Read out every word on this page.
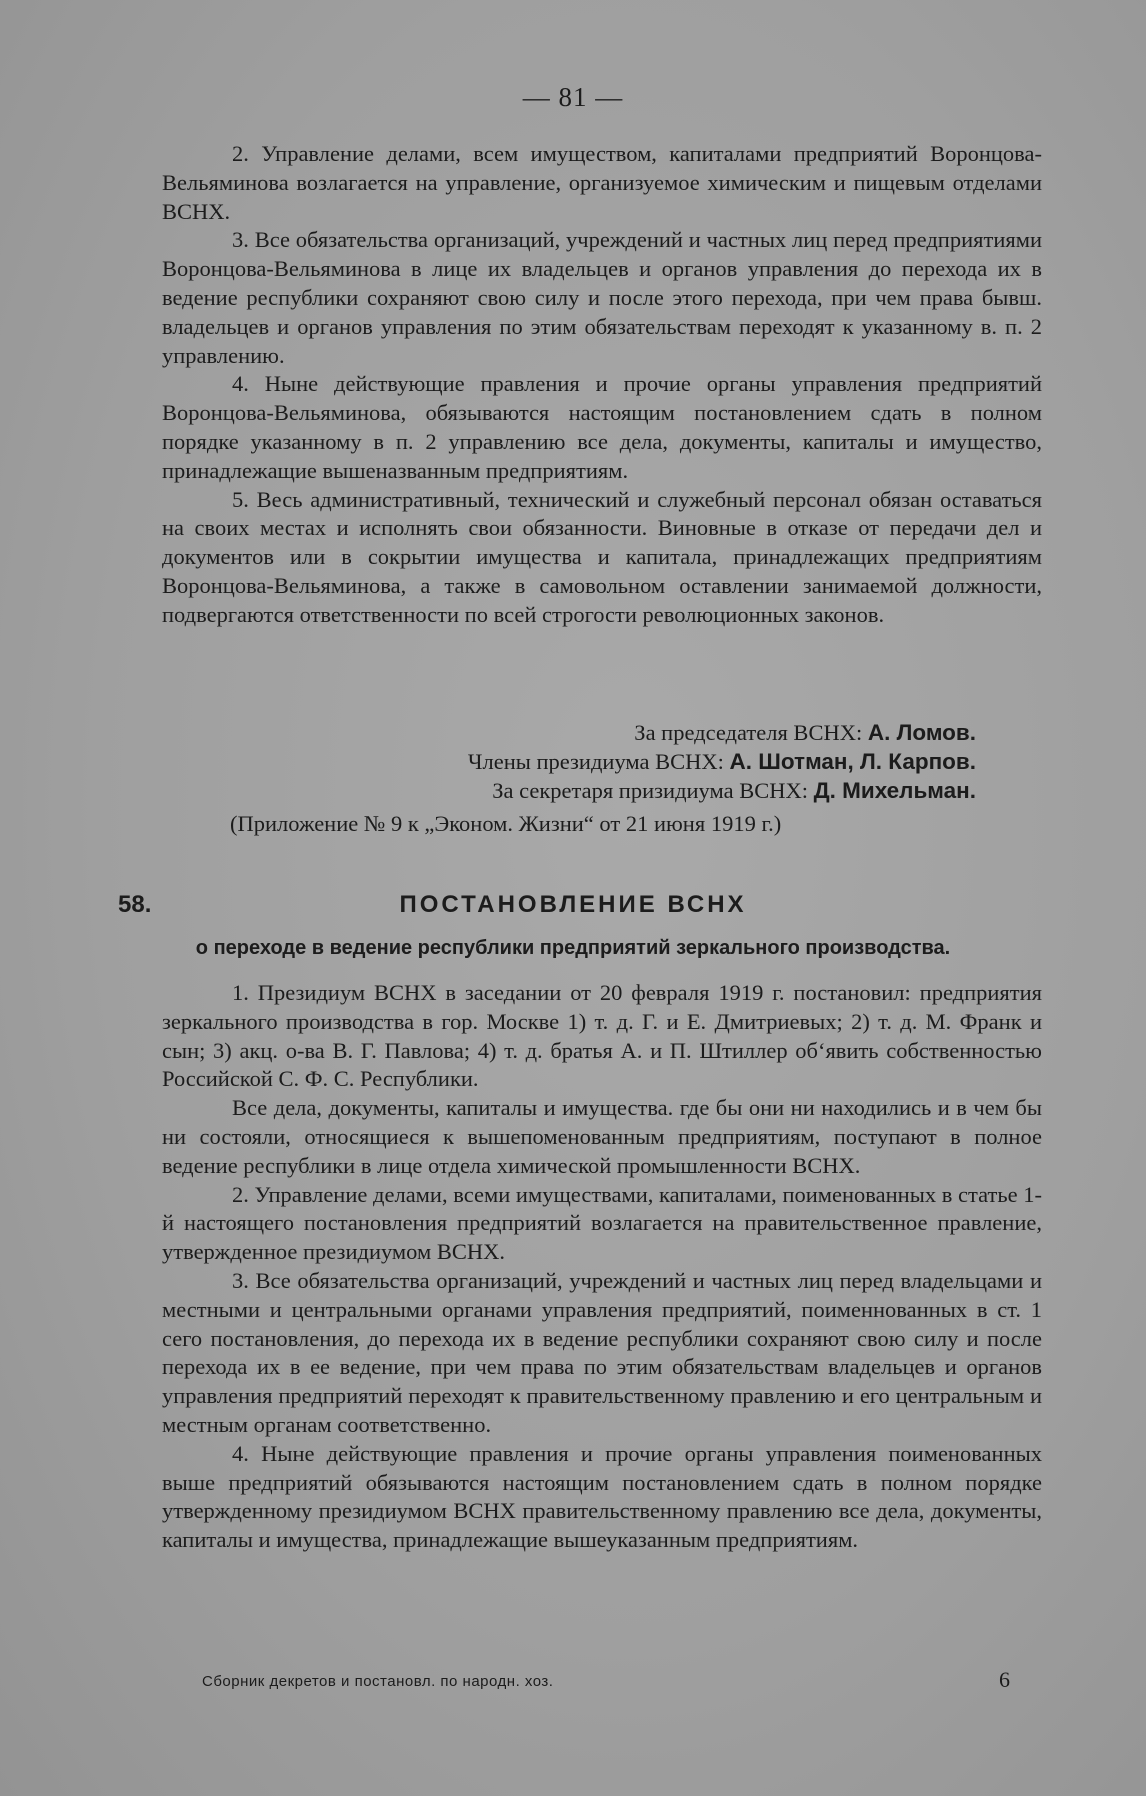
— 81 —

2. Управление делами, всем имуществом, капиталами предприятий Воронцова-Вельяминова возлагается на управление, организуемое химическим и пищевым отделами ВСНХ.

3. Все обязательства организаций, учреждений и частных лиц перед предприятиями Воронцова-Вельяминова в лице их владельцев и органов управления до перехода их в ведение республики сохраняют свою силу и после этого перехода, при чем права бывш. владельцев и органов управления по этим обязательствам переходят к указанному в. п. 2 управлению.

4. Ныне действующие правления и прочие органы управления предприятий Воронцова-Вельяминова, обязываются настоящим постановлением сдать в полном порядке указанному в п. 2 управлению все дела, документы, капиталы и имущество, принадлежащие вышеназванным предприятиям.

5. Весь административный, технический и служебный персонал обязан оставаться на своих местах и исполнять свои обязанности. Виновные в отказе от передачи дел и документов или в сокрытии имущества и капитала, принадлежащих предприятиям Воронцова-Вельяминова, а также в самовольном оставлении занимаемой должности, подвергаются ответственности по всей строгости революционных законов.

За председателя ВСНХ: А. Ломов.
Члены президиума ВСНХ: А. Шотман, Л. Карпов.
За секретаря призидиума ВСНХ: Д. Михельман.
(Приложение № 9 к „Эконом. Жизни“ от 21 июня 1919 г.)
58.	ПОСТАНОВЛЕНИЕ ВСНХ
о переходе в ведение республики предприятий зеркального производства.

1. Президиум ВСНХ в заседании от 20 февраля 1919 г. постановил: предприятия зеркального производства в гор. Москве 1) т. д. Г. и Е. Дмитриевых; 2) т. д. М. Франк и сын; 3) акц. о-ва В. Г. Павлова; 4) т. д. братья А. и П. Штиллер об‘явить собственностью Российской С. Ф. С. Республики.

Все дела, документы, капиталы и имущества. где бы они ни находились и в чем бы ни состояли, относящиеся к вышепоменованным предприятиям, поступают в полное ведение республики в лице отдела химической промышленности ВСНХ.

2. Управление делами, всеми имуществами, капиталами, поименованных в статье 1-й настоящего постановления предприятий возлагается на правительственное правление, утвержденное президиумом ВСНХ.

3. Все обязательства организаций, учреждений и частных лиц перед владельцами и местными и центральными органами управления предприятий, поименнованных в ст. 1 сего постановления, до перехода их в ведение республики сохраняют свою силу и после перехода их в ее ведение, при чем права по этим обязательствам владельцев и органов управления предприятий переходят к правительственному правлению и его центральным и местным органам соответственно.

4. Ныне действующие правления и прочие органы управления поименованных выше предприятий обязываются настоящим постановлением сдать в полном порядке утвержденному президиумом ВСНХ правительственному правлению все дела, документы, капиталы и имущества, принадлежащие вышеуказанным предприятиям.

Сборник декретов и постановл. по народн. хоз.	6
